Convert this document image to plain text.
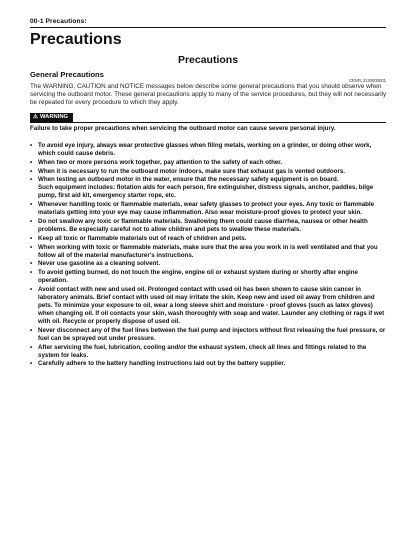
00-1 Precautions:
Precautions
Precautions
General Precautions
CENFL3120000001

The WARNING, CAUTION and NOTICE messages below describe some general precautions that you should observe when servicing the outboard motor. These general precautions apply to many of the service procedures, but they will not necessarily be repeated for every procedure to which they apply.

⚠ WARNING

Failure to take proper precautions when servicing the outboard motor can cause severe personal injury.

• To avoid eye injury, always wear protective glasses when filing metals, working on a grinder, or doing other work, which could cause debris.
• When two or more persons work together, pay attention to the safety of each other.
• When it is necessary to run the outboard motor indoors, make sure that exhaust gas is vented outdoors.
• When testing an outboard motor in the water, ensure that the necessary safety equipment is on board.
Such equipment includes: flotation aids for each person, fire extinguisher, distress signals, anchor, paddles, bilge pump, first aid kit, emergency starter rope, etc.
• Whenever handling toxic or flammable materials, wear safety glasses to protect your eyes. Any toxic or flammable materials getting into your eye may cause inflammation. Also wear moisture-proof gloves to protect your skin.
• Do not swallow any toxic or flammable materials. Swallowing them could cause diarrhea, nausea or other health problems. Be especially careful not to allow children and pets to swallow these materials.
• Keep all toxic or flammable materials out of reach of children and pets.
• When working with toxic or flammable materials, make sure that the area you work in is well ventilated and that you follow all of the material manufacturer's instructions.
• Never use gasoline as a cleaning solvent.
• To avoid getting burned, do not touch the engine, engine oil or exhaust system during or shortly after engine operation.
• Avoid contact with new and used oil. Prolonged contact with used oil has been shown to cause skin cancer in laboratory animals. Brief contact with used oil may irritate the skin. Keep new and used oil away from children and pets. To minimize your exposure to oil, wear a long sleeve shirt and moisture - proof gloves (such as latex gloves) when changing oil. If oil contacts your skin, wash thoroughly with soap and water. Launder any clothing or rags if wet with oil. Recycle or properly dispose of used oil.
• Never disconnect any of the fuel lines between the fuel pump and injectors without first releasing the fuel pressure, or fuel can be sprayed out under pressure.
• After servicing the fuel, lubrication, cooling and/or the exhaust system, check all lines and fittings related to the system for leaks.
• Carefully adhere to the battery handling instructions laid out by the battery supplier.
